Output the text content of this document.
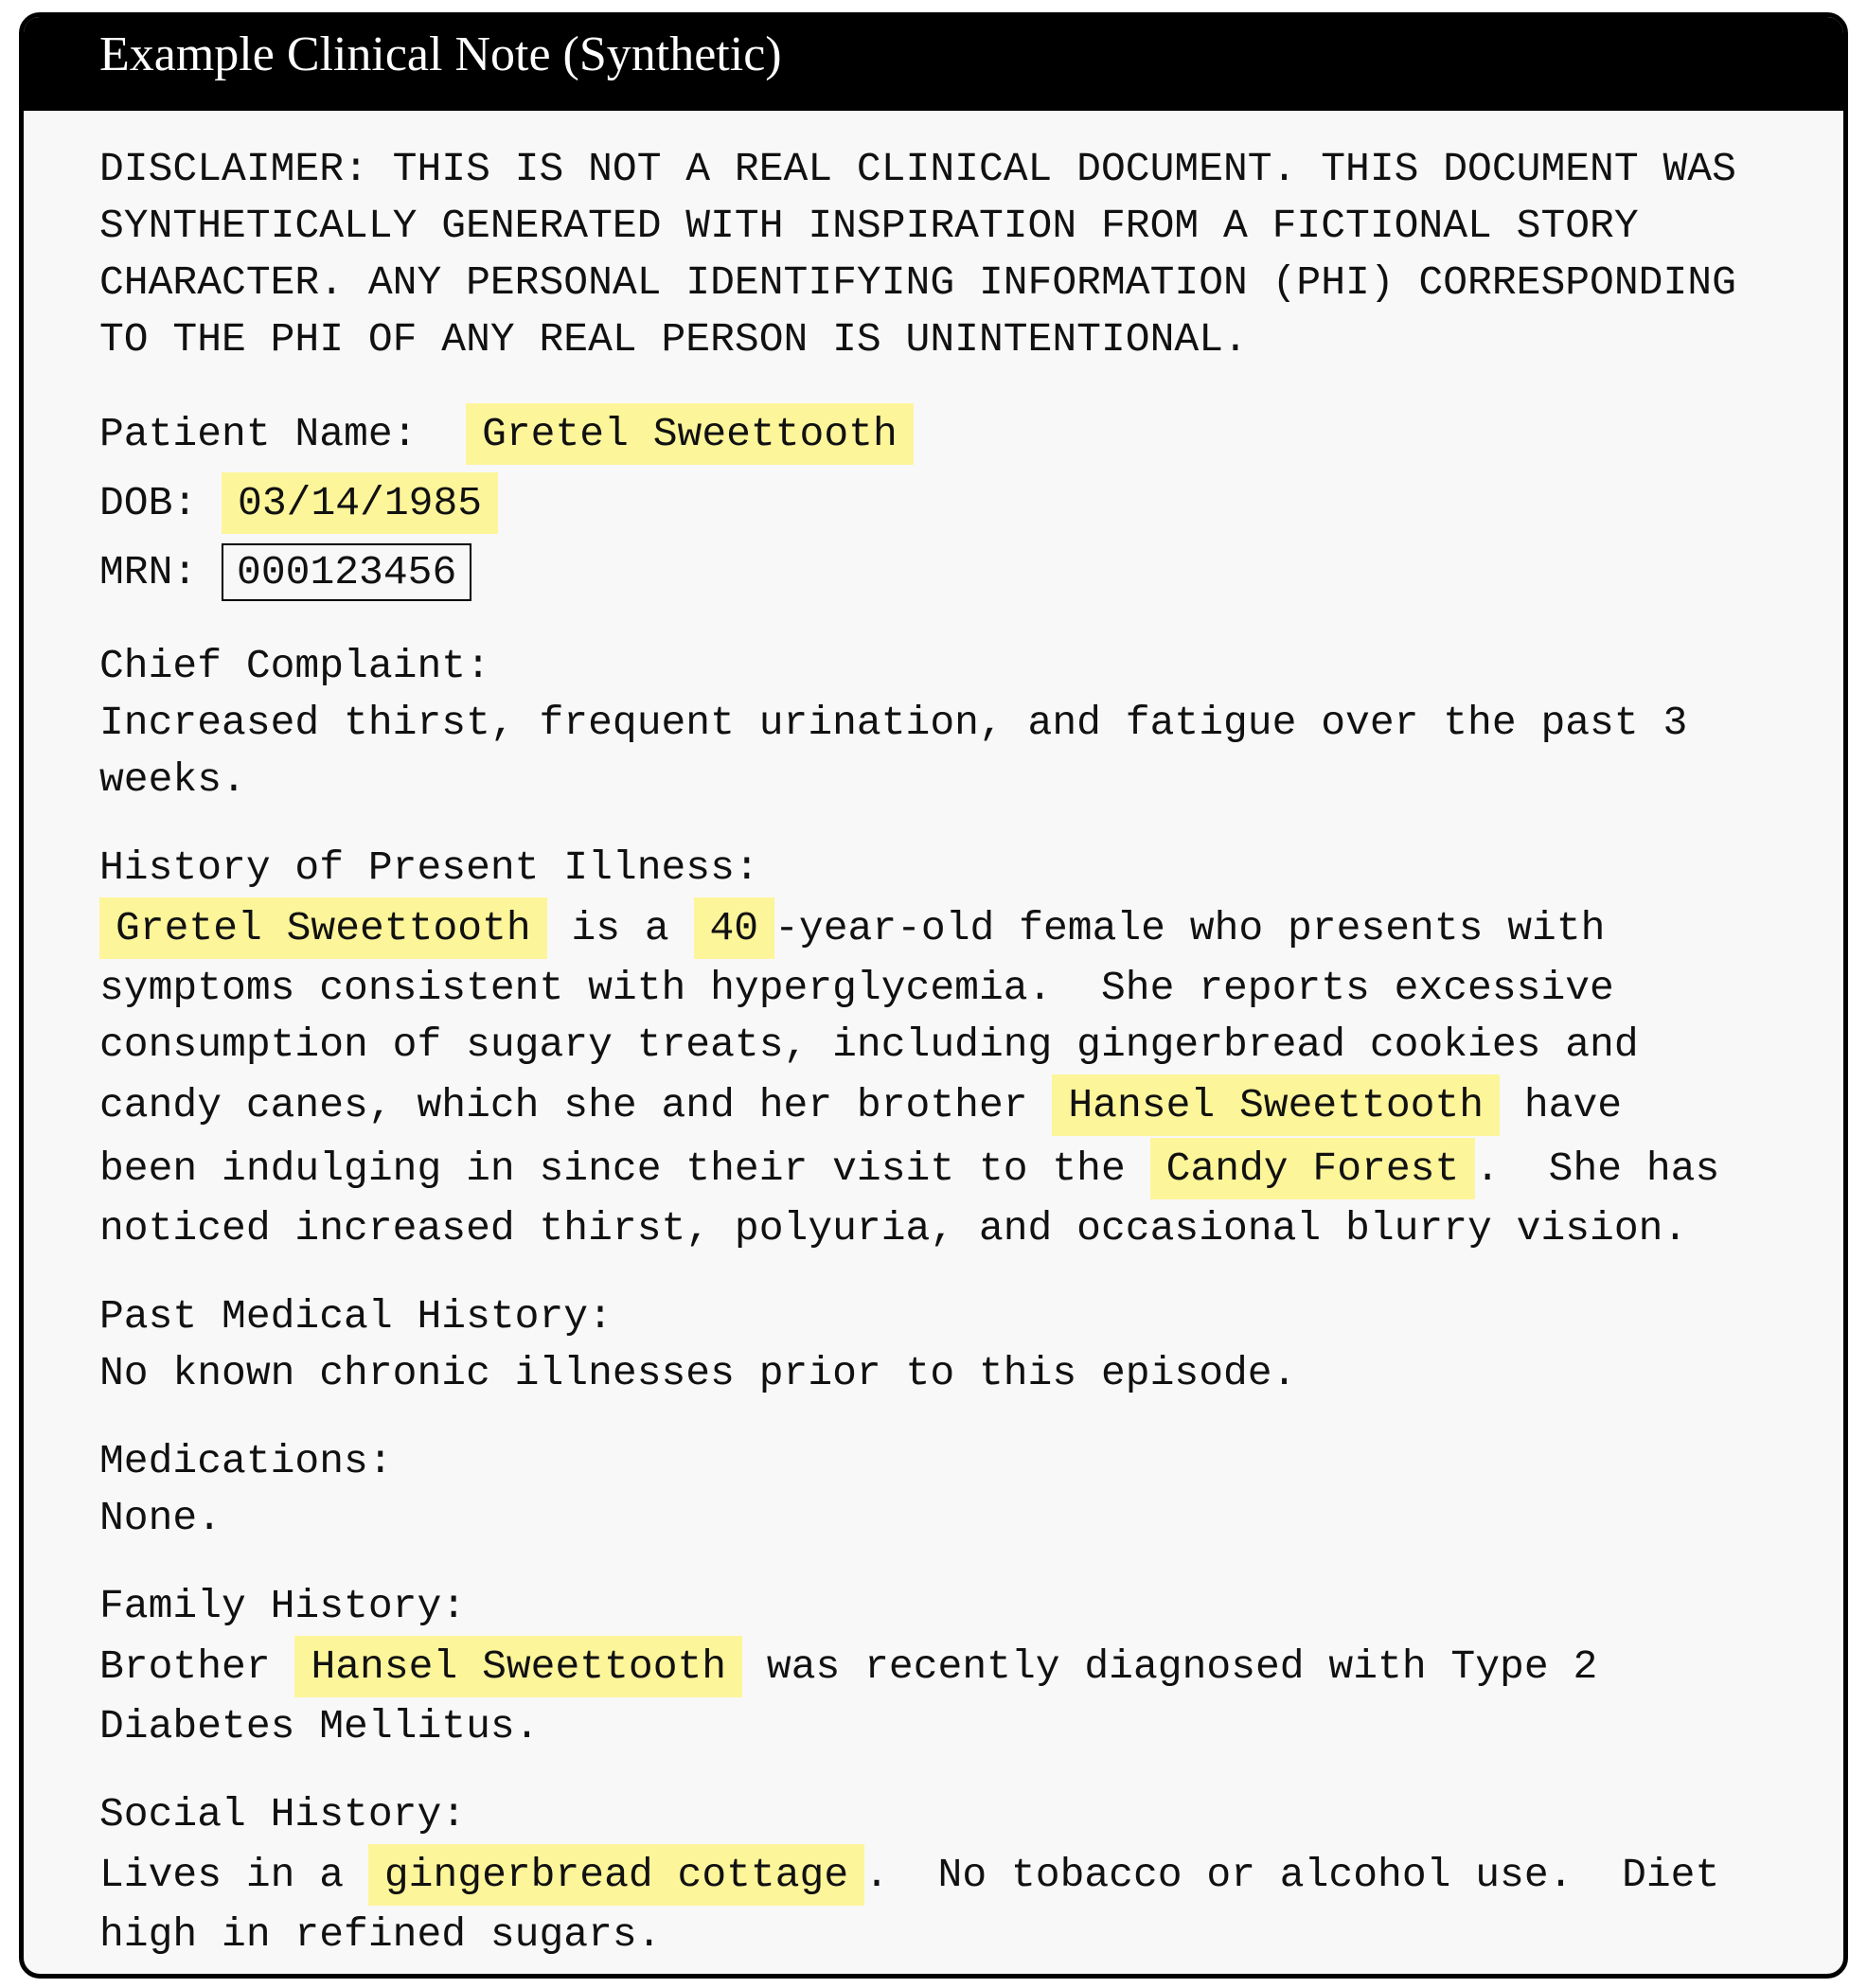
Example Clinical Note (Synthetic)
DISCLAIMER: THIS IS NOT A REAL CLINICAL DOCUMENT. THIS DOCUMENT WAS
SYNTHETICALLY GENERATED WITH INSPIRATION FROM A FICTIONAL STORY
CHARACTER. ANY PERSONAL IDENTIFYING INFORMATION (PHI) CORRESPONDING
TO THE PHI OF ANY REAL PERSON IS UNINTENTIONAL.
Patient Name:  Gretel Sweettooth
DOB: 03/14/1985
MRN: 000123456
Chief Complaint:
Increased thirst, frequent urination, and fatigue over the past 3
weeks.
History of Present Illness:
Gretel Sweettooth is a 40 -year-old female who presents with
symptoms consistent with hyperglycemia.  She reports excessive
consumption of sugary treats, including gingerbread cookies and
candy canes, which she and her brother Hansel Sweettooth have
been indulging in since their visit to the Candy Forest .  She has
noticed increased thirst, polyuria, and occasional blurry vision.
Past Medical History:
No known chronic illnesses prior to this episode.
Medications:
None.
Family History:
Brother Hansel Sweettooth was recently diagnosed with Type 2
Diabetes Mellitus.
Social History:
Lives in a gingerbread cottage .  No tobacco or alcohol use.  Diet
high in refined sugars.
